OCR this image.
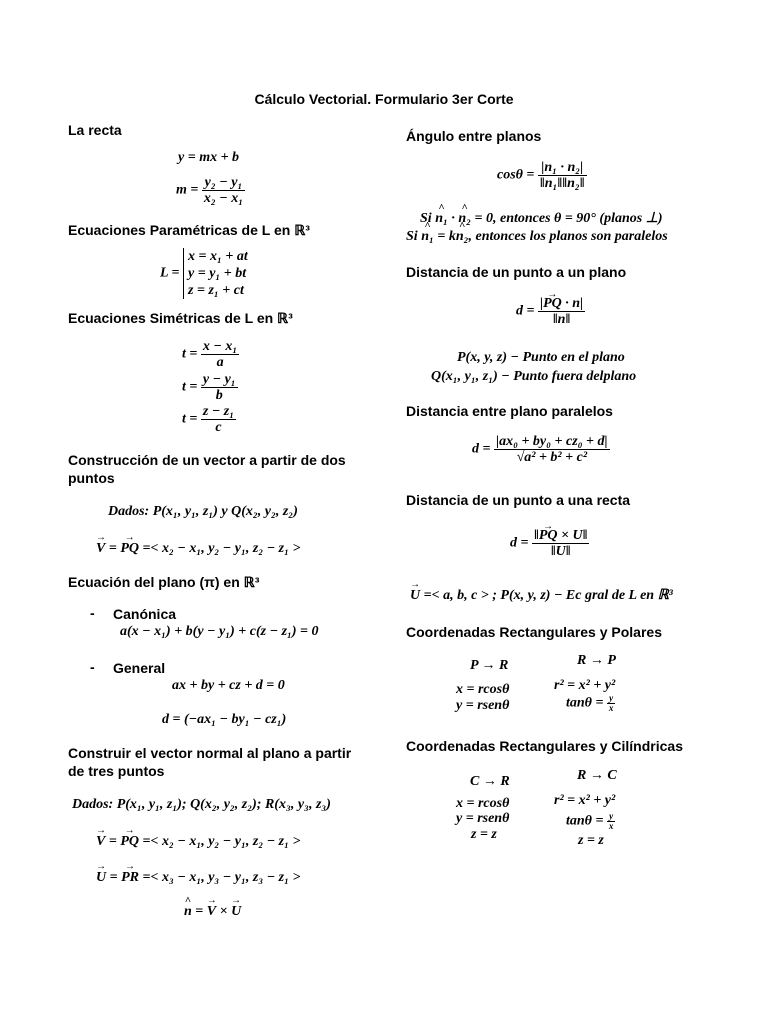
Cálculo Vectorial. Formulario 3er Corte
La recta
y = mx + b
$m = \frac{\text{y₂ − y₁}}{\text{x₂ − x₁}}$
Ecuaciones Paramétricas de L en ℝ³
L =
x = x₁ + at
y = y₁ + bt
z = z₁ + ct
Ecuaciones Simétricas de L en ℝ³
$t = \frac{\text{x − x₁}}{a}$
$t = \frac{\text{y − y₁}}{b}$
$t = \frac{\text{z − z₁}}{c}$
Construcción de un vector a partir de dos
puntos
Dados: P(x₁, y₁, z₁) y Q(x₂, y₂, z₂)
→ V = → PQ =< x₂ − x₁, y₂ − y₁, z₂ − z₁ >
Ecuación del plano (π) en ℝ³
- Canónica
a(x − x₁) + b(y − y₁) + c(z − z₁) = 0
- General
ax + by + cz + d = 0
d = (−ax₁ − by₁ − cz₁)
Construir el vector normal al plano a partir
de tres puntos
Dados: P(x₁, y₁, z₁); Q(x₂, y₂, z₂); R(x₃, y₃, z₃)
→ V = → PQ =< x₂ − x₁, y₂ − y₁, z₂ − z₁ >
→ U = → PR =< x₃ − x₁, y₃ − y₁, z₃ − z₁ >
^ n = → V × → U
Ángulo entre planos
$\cos\theta = \frac{\text{|n₁ · n₂|}}{\text{‖n₁‖‖n₂‖}}$
Si ^ n₁ · ^ n₂ = 0, entonces θ = 90° (planos ⊥)
Si ^ n₁ = k^ n₂, entonces los planos son paralelos
Distancia de un punto a un plano
$d = \frac{|\to PQ \cdot n|}{‖n‖}$
P(x, y, z) − Punto en el plano
Q(x₁, y₁, z₁) − Punto fuera delplano
Distancia entre plano paralelos
$d = \frac{\text{|ax₀ + by₀ + cz₀ + d|}}{\text{√a² + b² + c²}}$
Distancia de un punto a una recta
$d = \frac{‖\to PQ \times U‖}{‖U‖}$
→ U =< a, b, c > ; P(x, y, z) − Ec gral de L en ℝ³
Coordenadas Rectangulares y Polares
P → R	R → P
x = rcosθ
y = rsenθ
r² = x² + y²
$\tan\theta = \frac{y}{x}$
Coordenadas Rectangulares y Cilíndricas
C → R	R → C
x = rcosθ
y = rsenθ
z = z
r² = x² + y²
$\tan\theta = \frac{y}{x}$
z = z
